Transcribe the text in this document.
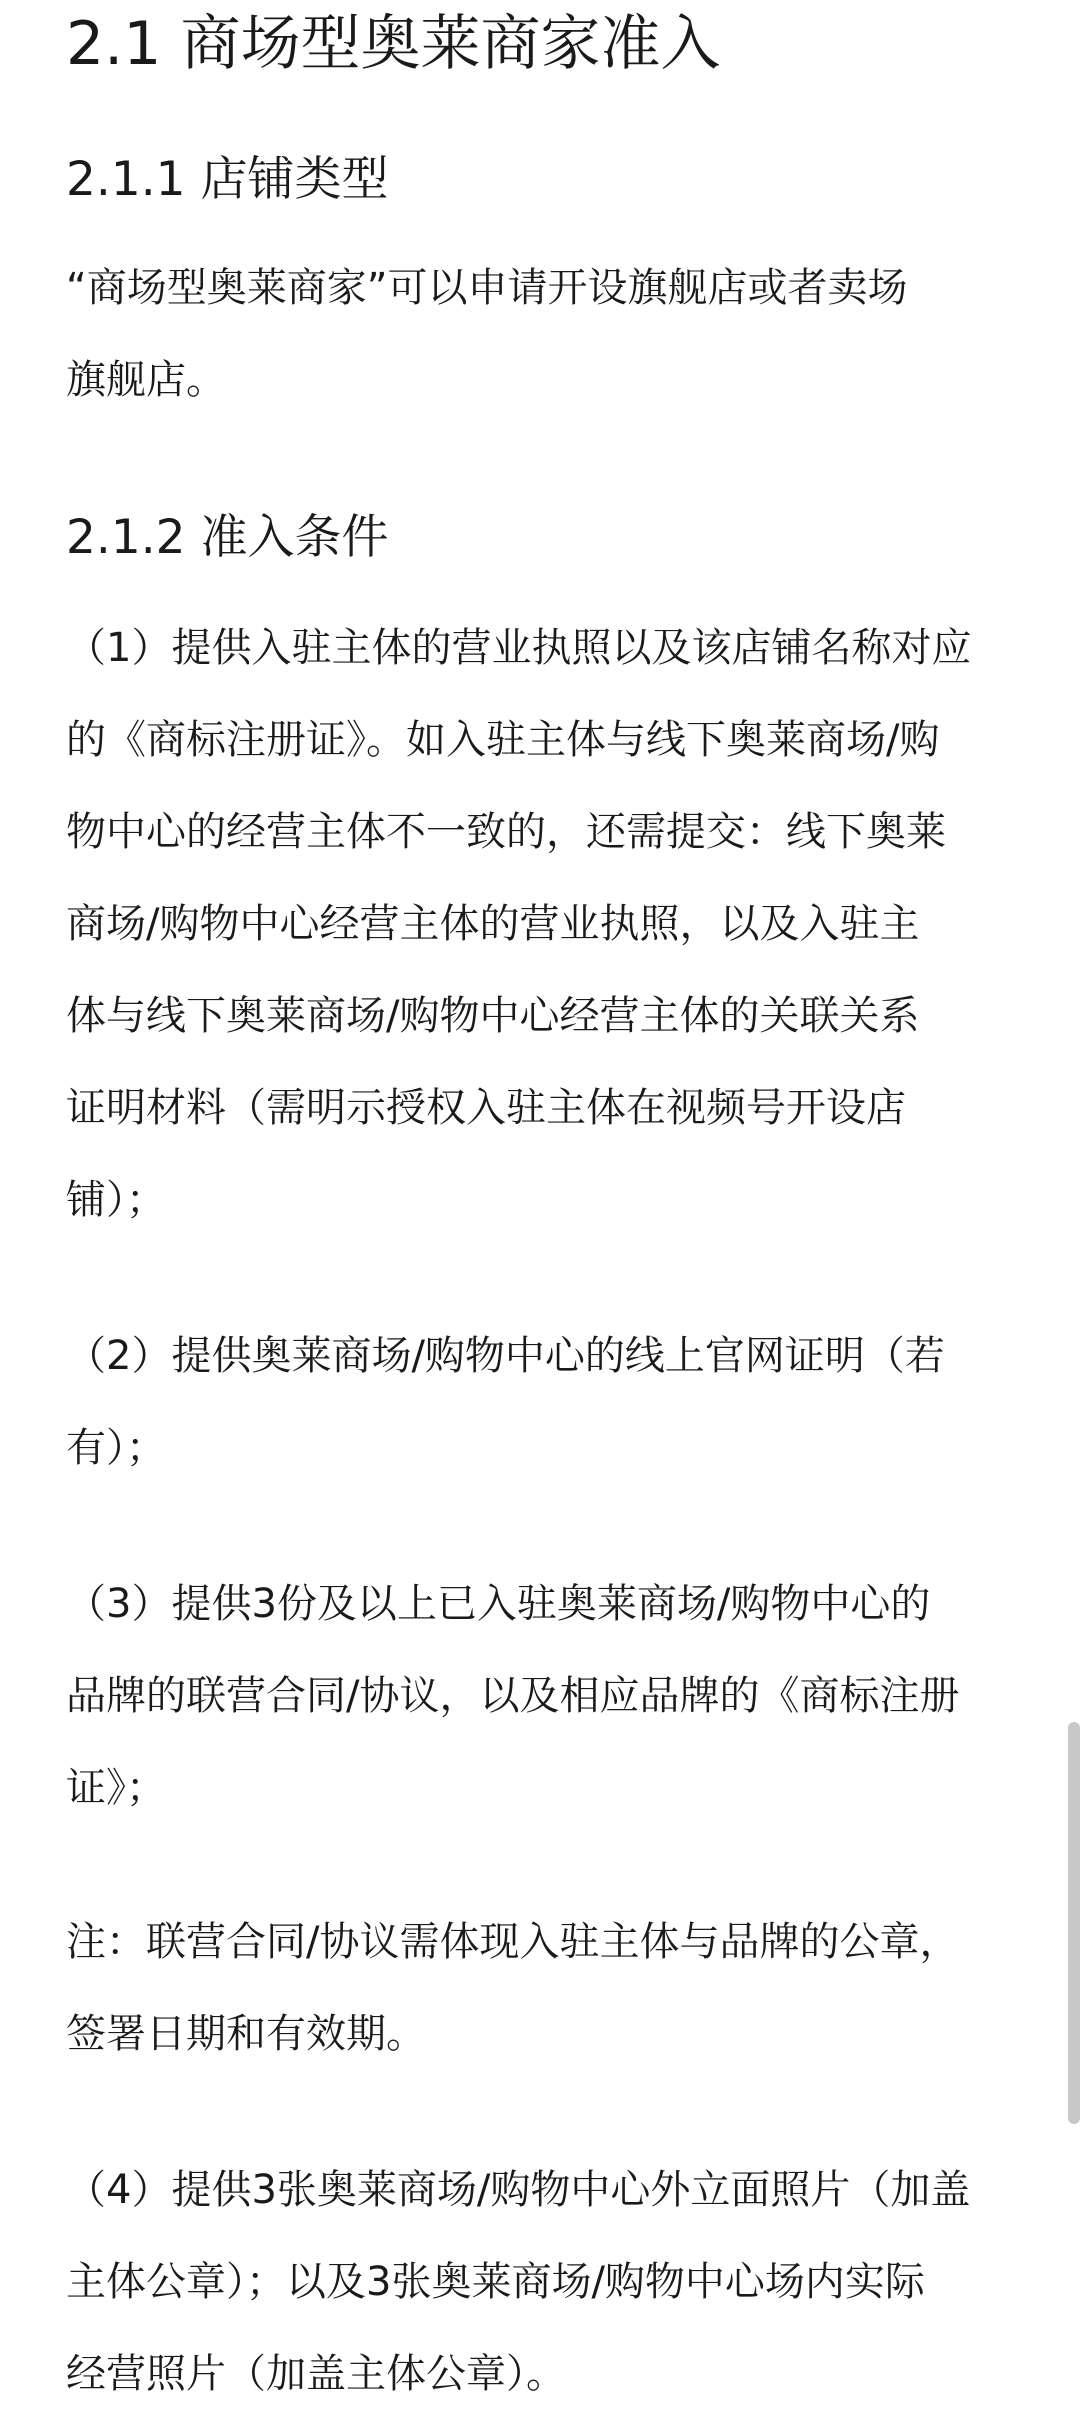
2.1 商场型奥莱商家准入
2.1.1 店铺类型
“商场型奥莱商家”可以申请开设旗舰店或者卖场
旗舰店。
2.1.2 准入条件
（1）提供入驻主体的营业执照以及该店铺名称对应
的《商标注册证》。如入驻主体与线下奥莱商场/购
物中心的经营主体不一致的，还需提交：线下奥莱
商场/购物中心经营主体的营业执照，以及入驻主
体与线下奥莱商场/购物中心经营主体的关联关系
证明材料（需明示授权入驻主体在视频号开设店
铺）；
（2）提供奥莱商场/购物中心的线上官网证明（若
有）；
（3）提供3份及以上已入驻奥莱商场/购物中心的
品牌的联营合同/协议，以及相应品牌的《商标注册
证》；
注：联营合同/协议需体现入驻主体与品牌的公章，
签署日期和有效期。
（4）提供3张奥莱商场/购物中心外立面照片（加盖
主体公章）；以及3张奥莱商场/购物中心场内实际
经营照片（加盖主体公章）。
